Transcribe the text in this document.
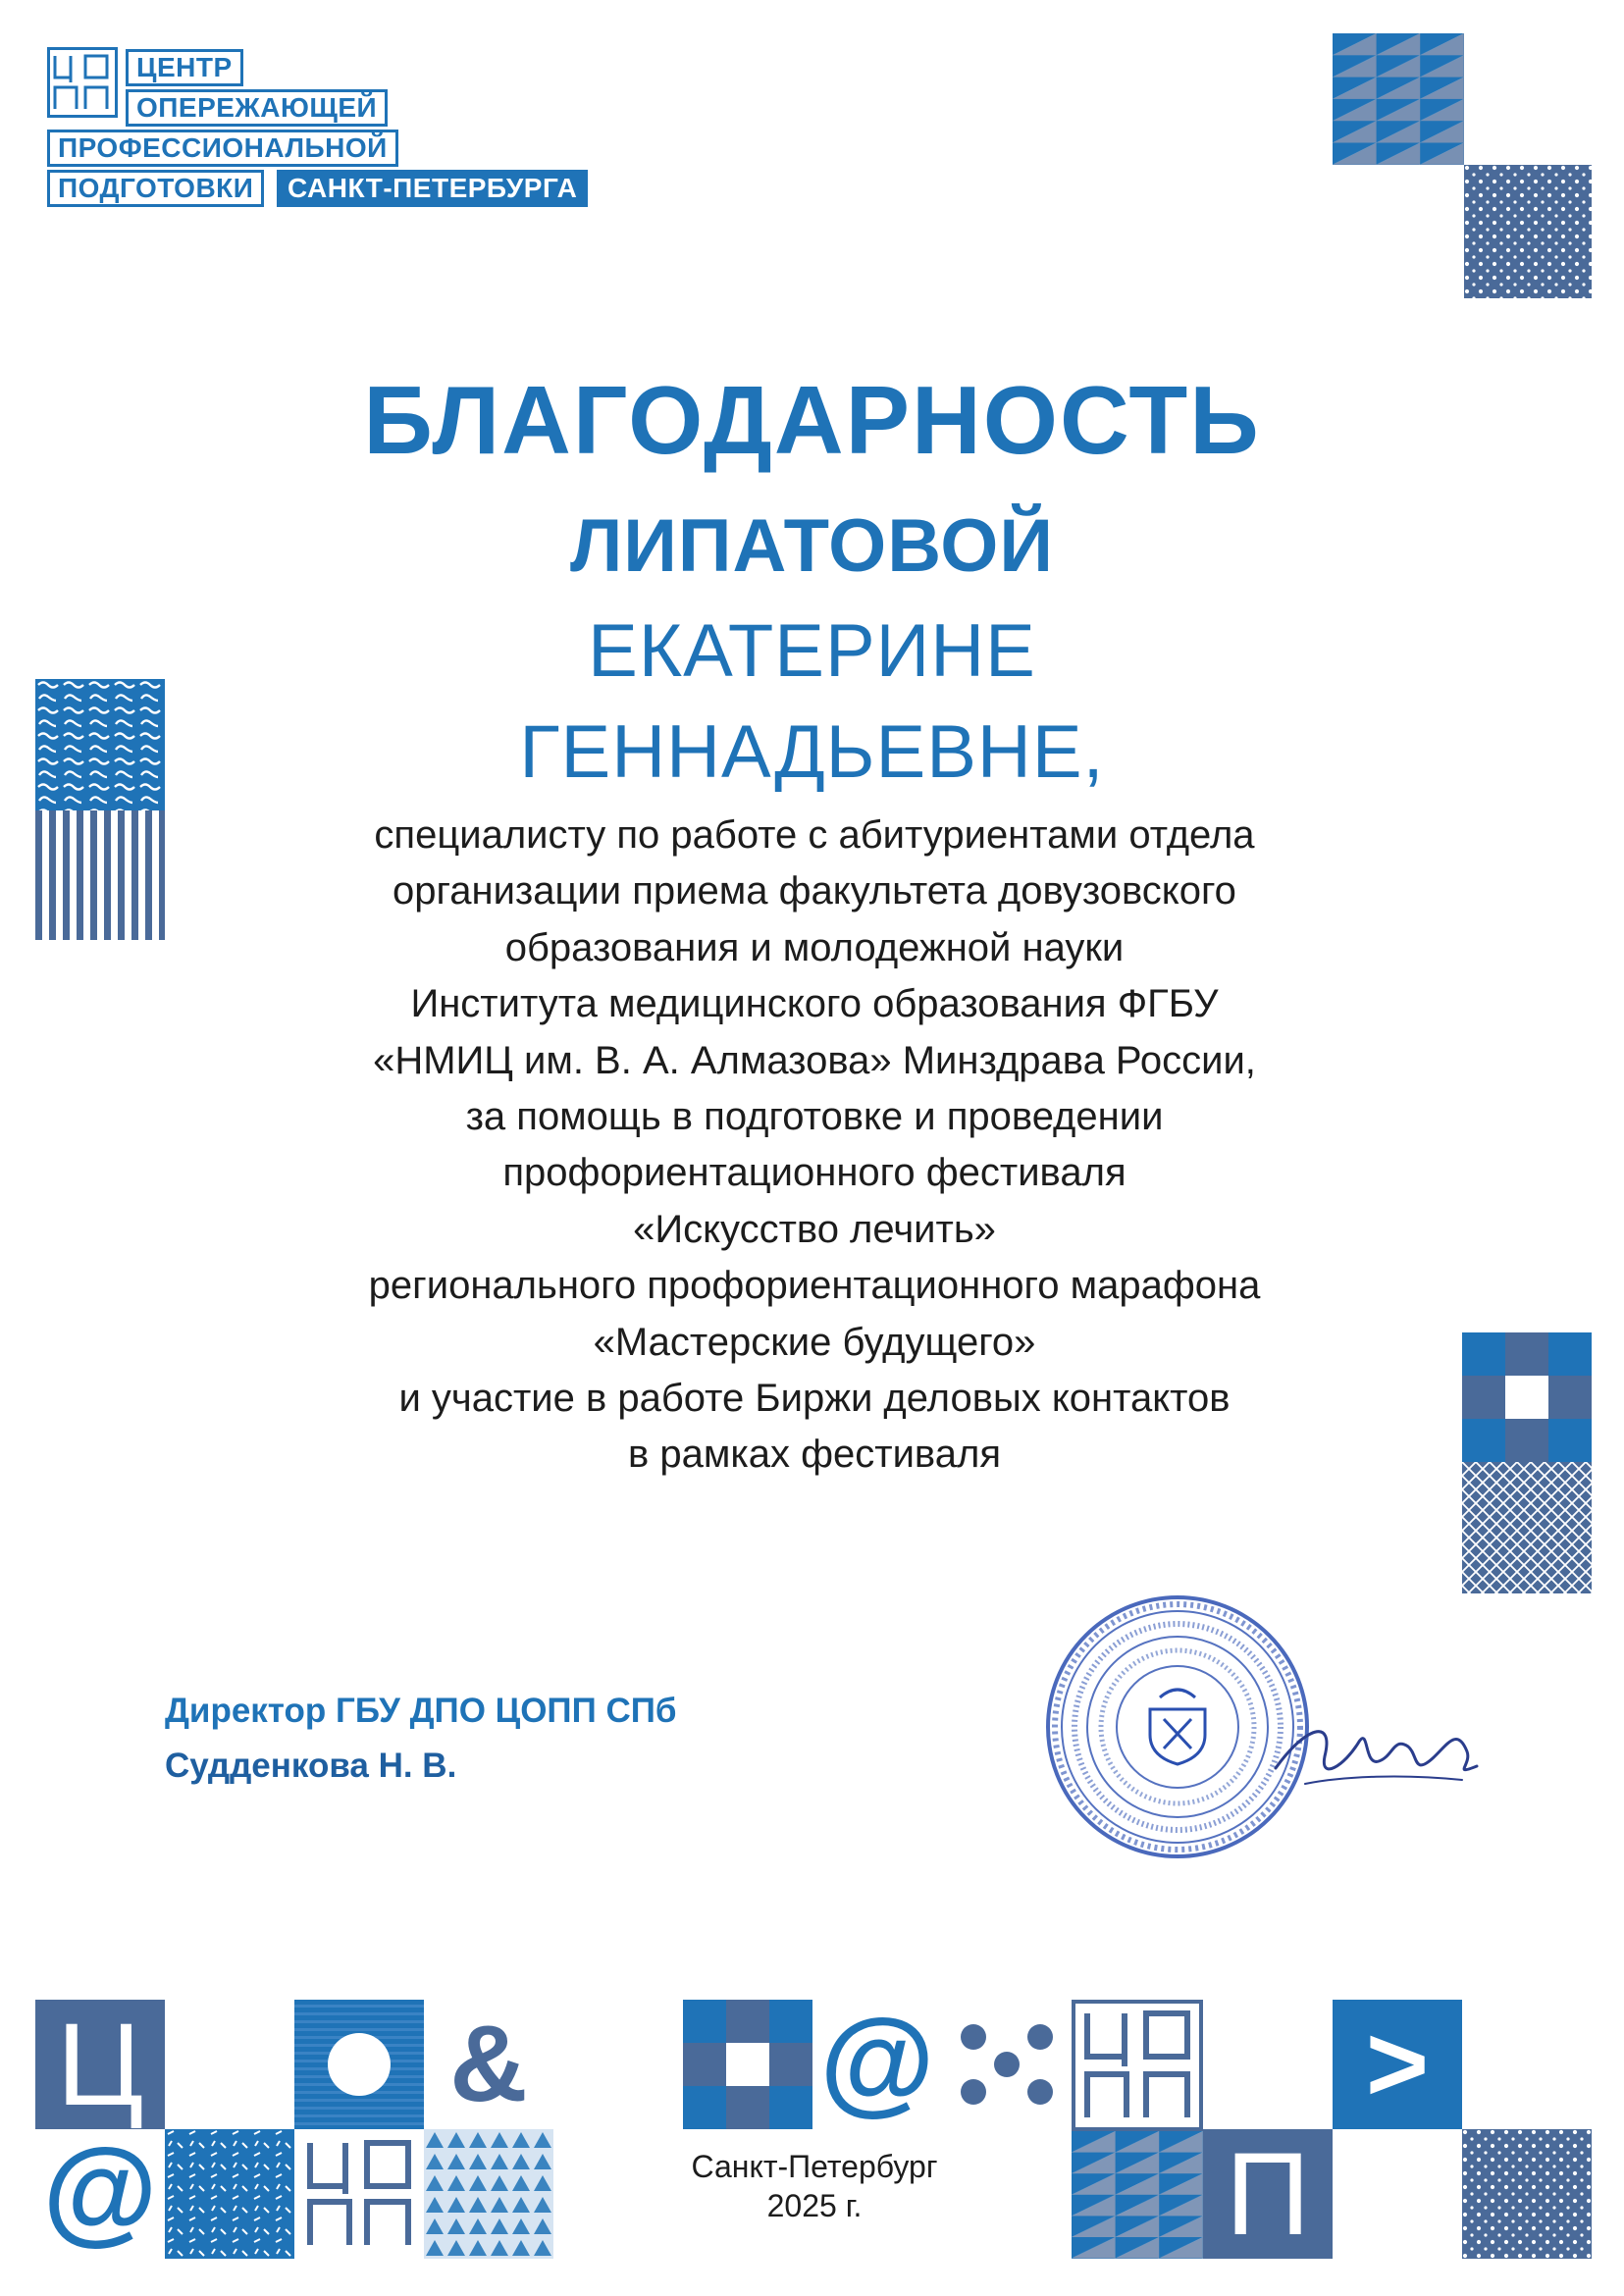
ЦЕНТР
ОПЕРЕЖАЮЩЕЙ
ПРОФЕССИОНАЛЬНОЙ
ПОДГОТОВКИ	САНКТ-ПЕТЕРБУРГА
БЛАГОДАРНОСТЬ
ЛИПАТОВОЙ
ЕКАТЕРИНЕ
ГЕННАДЬЕВНЕ,
специалисту по работе с абитуриентами отдела
организации приема факультета довузовского
образования и молодежной науки
Института медицинского образования ФГБУ
«НМИЦ им. В. А. Алмазова» Минздрава России,
за помощь в подготовке и проведении
профориентационного фестиваля
«Искусство лечить»
регионального профориентационного марафона
«Мастерские будущего»
и участие в работе Биржи деловых контактов
в рамках фестиваля
Директор ГБУ ДПО ЦОПП СПб
Судденкова Н. В.
Ц
@
& @	>
П
Санкт-Петербург
2025 г.
